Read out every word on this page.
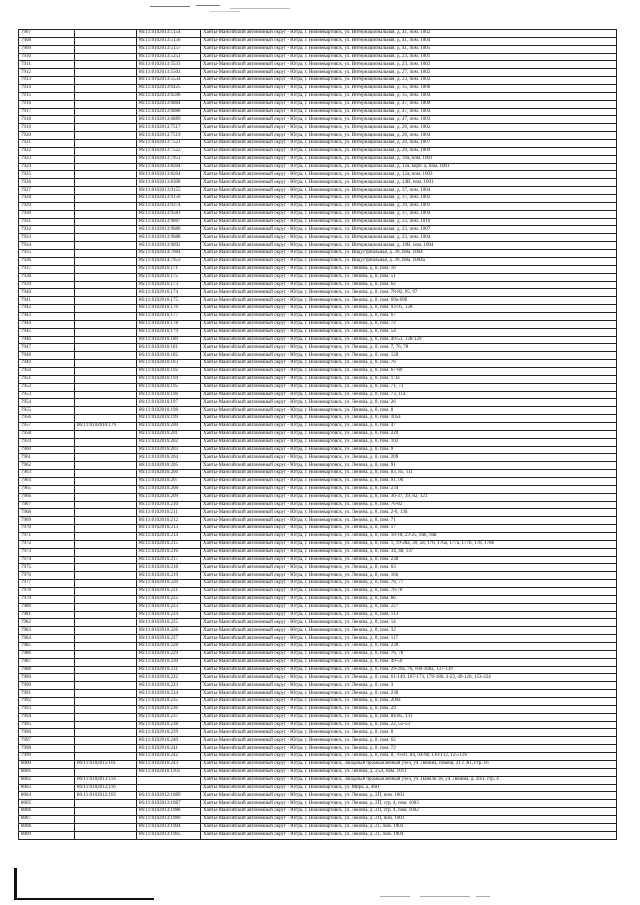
7907		86:11:0102013:5154	Ханты-Мансийский автономный округ - Югра, г. Нижневартовск, ул. Интернациональная, д. 41, пом. 1002
7908		86:11:0102013:5156	Ханты-Мансийский автономный округ - Югра, г. Нижневартовск, ул. Интернациональная, д. 41, пом. 1004
7909		86:11:0102013:5157	Ханты-Мансийский автономный округ - Югра, г. Нижневартовск, ул. Интернациональная, д. 41, пом. 1005
7910		86:11:0102013:5251	Ханты-Мансийский автономный округ - Югра, г. Нижневартовск, ул. Интернациональная, д. 23, пом. 1001
7911		86:11:0102013:5533	Ханты-Мансийский автономный округ - Югра, г. Нижневартовск, ул. Интернациональная, д. 23, пом. 1002
7912		86:11:0102013:5503	Ханты-Мансийский автономный округ - Югра, г. Нижневартовск, ул. Интернациональная, д. 27, пом. 1002
7913		86:11:0102013:5534	Ханты-Мансийский автономный округ - Югра, г. Нижневартовск, ул. Интернациональная, д. 23, пом. 1003
7914		86:11:0102013:6425	Ханты-Мансийский автономный округ - Югра, г. Нижневартовск, ул. Интернациональная, д. 35, пом. 1006
7915		86:11:0102013:6596	Ханты-Мансийский автономный округ - Югра, г. Нижневартовск, ул. Интернациональная, д. 35, пом. 1004
7916		86:11:0102013:6884	Ханты-Мансийский автономный округ - Югра, г. Нижневартовск, ул. Интернациональная, д. 47, пом. 1009
7917		86:11:0102013:6888	Ханты-Мансийский автономный округ - Югра, г. Нижневартовск, ул. Интернациональная, д. 47, пом. 1004
7918		86:11:0102013:6889	Ханты-Мансийский автономный округ - Югра, г. Нижневартовск, ул. Интернациональная, д. 47, пом. 1003
7919		86:11:0102013:7517	Ханты-Мансийский автономный округ - Югра, г. Нижневартовск, ул. Интернациональная, д. 20, пом. 1002
7920		86:11:0102013:7519	Ханты-Мансийский автономный округ - Югра, г. Нижневартовск, ул. Интернациональная, д. 20, пом. 1004
7921		86:11:0102013:7521	Ханты-Мансийский автономный округ - Югра, г. Нижневартовск, ул. Интернациональная, д. 20, пом. 1007
7922		86:11:0102013:7522	Ханты-Мансийский автономный округ - Югра, г. Нижневартовск, ул. Интернациональная, д. 20, пом. 1009
7923		86:11:0102013:7951	Ханты-Мансийский автономный округ - Югра, г. Нижневартовск, ул. Интернациональная, д. 39а, пом. 1001
7924		86:11:0102013:8264	Ханты-Мансийский автономный округ - Югра, г. Нижневартовск, ул. Интернациональная, д. 12а, корп. а, пом. 1001
7925		86:11:0102013:8264	Ханты-Мансийский автономный округ - Югра, г. Нижневартовск, ул. Интернациональная, д. 12а, пом. 1003
7926		86:11:0102013:8308	Ханты-Мансийский автономный округ - Югра, г. Нижневартовск, ул. Интернациональная, д. 14В, пом. 1001
7927		86:11:0102013:9155	Ханты-Мансийский автономный округ - Югра, г. Нижневартовск, ул. Интернациональная, д. 37, пом. 1004
7928		86:11:0102013:9156	Ханты-Мансийский автономный округ - Югра, г. Нижневартовск, ул. Интернациональная, д. 37, пом. 1002
7929		86:11:0102013:9374	Ханты-Мансийский автономный округ - Югра, г. Нижневартовск, ул. Интернациональная, д. 39, пом. 1001
7930		86:11:0102013:9583	Ханты-Мансийский автономный округ - Югра, г. Нижневартовск, ул. Интернациональная, д. 37, пом. 1004
7931		86:11:0102013:9667	Ханты-Мансийский автономный округ - Югра, г. Нижневартовск, ул. Интернациональная, д. 23, пом. 1010
7932		86:11:0102013:9680	Ханты-Мансийский автономный округ - Югра, г. Нижневартовск, ул. Интернациональная, д. 23, пом. 1007
7933		86:11:0102013:9688	Ханты-Мансийский автономный округ - Югра, г. Нижневартовск, ул. Интернациональная, д. 23, пом. 1004
7934		86:11:0102013:9692	Ханты-Мансийский автономный округ - Югра, г. Нижневартовск, ул. Интернациональная, д. 19В, пом. 1004
7935		86:11:0102014:7084	Ханты-Мансийский автономный округ - Югра, г. Нижневартовск, ул. Индустриальная, д. 39, пом. 1004
7936		86:11:0102014:7953	Ханты-Мансийский автономный округ - Югра, г. Нижневартовск, ул. Индустриальная, д. 39, пом. 1004а
7937		86:11:0102016:171	Ханты-Мансийский автономный округ - Югра, г. Нижневартовск, ул. Ленина, д. 8, пом. 16
7938		86:11:0102016:175	Ханты-Мансийский автономный округ - Югра, г. Нижневартовск, ул. Ленина, д. 8, пом. 51
7939		86:11:0102016:173	Ханты-Мансийский автономный округ - Югра, г. Нижневартовск, ул. Ленина, д. 8, пом. 62
7940		86:11:0102016:174	Ханты-Мансийский автономный округ - Югра, г. Нижневартовск, ул. Ленина, д. 8, пом. 78-82, 95, 97
7941		86:11:0102016:175	Ханты-Мансийский автономный округ - Югра, г. Нижневартовск, ул. Ленина, д. 8, пом. 69а-69б
7942		86:11:0102016:176	Ханты-Мансийский автономный округ - Югра, г. Нижневартовск, ул. Ленина, д. 8, пом. 93-95, 128
7943		86:11:0102016:177	Ханты-Мансийский автономный округ - Югра, г. Нижневартовск, ул. Ленина, д. 8, пом. 67
7944		86:11:0102016:178	Ханты-Мансийский автономный округ - Югра, г. Нижневартовск, ул. Ленина, д. 8, пом. 72
7945		86:11:0102016:179	Ханты-Мансийский автономный округ - Югра, г. Нижневартовск, ул. Ленина, д. 8, пом. 54
7946		86:11:0102016:180	Ханты-Мансийский автономный округ - Югра, г. Нижневартовск, ул. Ленина, д. 8, пом. 49-53, 128-129
7947		86:11:0102016:181	Ханты-Мансийский автономный округ - Югра, г. Нижневартовск, ул. Ленина, д. 8, пом. 7, 76, 78
7948		86:11:0102016:182	Ханты-Мансийский автономный округ - Югра, г. Нижневартовск, ул. Ленина, д. 8, пом. 128
7949		86:11:0102016:183	Ханты-Мансийский автономный округ - Югра, г. Нижневартовск, ул. Ленина, д. 8, пом. 76
7950		86:11:0102016:192	Ханты-Мансийский автономный округ - Югра, г. Нижневартовск, ул. Ленина, д. 8, пом. 67-69
7951		86:11:0102016:194	Ханты-Мансийский автономный округ - Югра, г. Нижневартовск, ул. Ленина, д. 8, пом. 1-1а
7952		86:11:0102016:195	Ханты-Мансийский автономный округ - Югра, г. Нижневартовск, ул. Ленина, д. 8, пом. 71, 73
7953		86:11:0102016:196	Ханты-Мансийский автономный округ - Югра, г. Нижневартовск, ул. Ленина, д. 8, пом. 73, 114
7954		86:11:0102016:197	Ханты-Мансийский автономный округ - Югра, г. Нижневартовск, ул. Ленина, д. 8, пом. 26
7955		86:11:0102016:198	Ханты-Мансийский автономный округ - Югра, г. Нижневартовск, ул. Ленина, д. 8, пом. 8
7956		86:11:0102016:199	Ханты-Мансийский автономный округ - Югра, г. Нижневартовск, ул. Ленина, д. 8, пом. 105а
7957	86:11:0102016:179	86:11:0102016:200	Ханты-Мансийский автономный округ - Югра, г. Нижневартовск, ул. Ленина, д. 8, пом. 47
7958		86:11:0102016:201	Ханты-Мансийский автономный округ - Югра, г. Нижневартовск, ул. Ленина, д. 8, пом. 220
7959		86:11:0102016:202	Ханты-Мансийский автономный округ - Югра, г. Нижневартовск, ул. Ленина, д. 8, пом. 102
7960		86:11:0102016:203	Ханты-Мансийский автономный округ - Югра, г. Нижневартовск, ул. Ленина, д. 8, пом. 9
7961		86:11:0102016:204	Ханты-Мансийский автономный округ - Югра, г. Нижневартовск, ул. Ленина, д. 8, пом. 209
7962		86:11:0102016:205	Ханты-Мансийский автономный округ - Югра, г. Нижневартовск, ул. Ленина, д. 8, пом. 91
7963		86:11:0102016:206	Ханты-Мансийский автономный округ - Югра, г. Нижневартовск, ул. Ленина, д. 8, пом. 83, 85, 111
7964		86:11:0102016:207	Ханты-Мансийский автономный округ - Югра, г. Нижневартовск, ул. Ленина, д. 8, пом. 91, 96
7965		86:11:0102016:208	Ханты-Мансийский автономный округ - Югра, г. Нижневартовск, ул. Ленина, д. 8, пом. 234
7966		86:11:0102016:209	Ханты-Мансийский автономный округ - Югра, г. Нижневартовск, ул. Ленина, д. 8, пом. 36-37, 39, 82, 121
7967		86:11:0102016:210	Ханты-Мансийский автономный округ - Югра, г. Нижневартовск, ул. Ленина, д. 8, пом. 76-82
7968		86:11:0102016:211	Ханты-Мансийский автономный округ - Югра, г. Нижневартовск, ул. Ленина, д. 8, пом. 2-6, 130
7969		86:11:0102016:212	Ханты-Мансийский автономный округ - Югра, г. Нижневартовск, ул. Ленина, д. 8, пом. 71
7970		86:11:0102016:213	Ханты-Мансийский автономный округ - Югра, г. Нижневартовск, ул. Ленина, д. 8, пом. 17
7971		86:11:0102016:214	Ханты-Мансийский автономный округ - Югра, г. Нижневартовск, ул. Ленина, д. 8, пом. 10-18, 23-25, 94б, 94в
7972		86:11:0102016:215	Ханты-Мансийский автономный округ - Югра, г. Нижневартовск, ул. Ленина, д. 8, пом. 1, 19-28а, 30, 58, 176, 176а, 177а, 177б, 178, 178б
7973		86:11:0102016:216	Ханты-Мансийский автономный округ - Югра, г. Нижневартовск, ул. Ленина, д. 8, пом. 34, 48, 137
7974		86:11:0102016:217	Ханты-Мансийский автономный округ - Югра, г. Нижневартовск, ул. Ленина, д. 8, пом. 238
7975		86:11:0102016:218	Ханты-Мансийский автономный округ - Югра, г. Нижневартовск, ул. Ленина, д. 8, пом. 63
7976		86:11:0102016:219	Ханты-Мансийский автономный округ - Югра, г. Нижневартовск, ул. Ленина, д. 8, пом. 166
7977		86:11:0102016:220	Ханты-Мансийский автономный округ - Югра, г. Нижневартовск, ул. Ленина, д. 8, пом. 76, 77
7978		86:11:0102016:221	Ханты-Мансийский автономный округ - Югра, г. Нижневартовск, ул. Ленина, д. 8, пом. 76-78
7979		86:11:0102016:222	Ханты-Мансийский автономный округ - Югра, г. Нижневартовск, ул. Ленина, д. 8, пом. 66
7980		86:11:0102016:223	Ханты-Мансийский автономный округ - Югра, г. Нижневартовск, ул. Ленина, д. 8, пом. 227
7981		86:11:0102016:224	Ханты-Мансийский автономный округ - Югра, г. Нижневартовск, ул. Ленина, д. 8, пом. 113
7982		86:11:0102016:225	Ханты-Мансийский автономный округ - Югра, г. Нижневартовск, ул. Ленина, д. 8, пом. 14
7983		86:11:0102016:226	Ханты-Мансийский автономный округ - Югра, г. Нижневартовск, ул. Ленина, д. 8, пом. 32
7984		86:11:0102016:227	Ханты-Мансийский автономный округ - Югра, г. Нижневартовск, ул. Ленина, д. 8, пом. 117
7985		86:11:0102016:228	Ханты-Мансийский автономный округ - Югра, г. Нижневартовск, ул. Ленина, д. 8, пом. 228
7986		86:11:0102016:229	Ханты-Мансийский автономный округ - Югра, г. Нижневартовск, ул. Ленина, д. 8, пом. 76, 78
7987		86:11:0102016:230	Ханты-Мансийский автономный округ - Югра, г. Нижневартовск, ул. Ленина, д. 8, пом. 49-50
7988		86:11:0102016:231	Ханты-Мансийский автономный округ - Югра, г. Нижневартовск, ул. Ленина, д. 8, пом. 29-29а, 76, 160-160а, 137-139
7989		86:11:0102016:232	Ханты-Мансийский автономный округ - Югра, г. Нижневартовск, ул. Ленина, д. 8, пом. 61-149, 167-173, 179-180, 3-23, 49-120, 153-224
7990		86:11:0102016:233	Ханты-Мансийский автономный округ - Югра, г. Нижневартовск, ул. Ленина, д. 8, пом. 3
7991		86:11:0102016:234	Ханты-Мансийский автономный округ - Югра, г. Нижневартовск, ул. Ленина, д. 8, пом. 236
7992		86:11:0102016:235	Ханты-Мансийский автономный округ - Югра, г. Нижневартовск, ул. Ленина, д. 8, пом. 209а
7993		86:11:0102016:236	Ханты-Мансийский автономный округ - Югра, г. Нижневартовск, ул. Ленина, д. 8, пом. 29
7994		86:11:0102016:237	Ханты-Мансийский автономный округ - Югра, г. Нижневартовск, ул. Ленина, д. 8, пом. 84-85, 131
7995		86:11:0102016:238	Ханты-Мансийский автономный округ - Югра, г. Нижневартовск, ул. Ленина, д. 8, пом. 22, 52-53
7996		86:11:0102016:239	Ханты-Мансийский автономный округ - Югра, г. Нижневартовск, ул. Ленина, д. 8, пом. 8
7997		86:11:0102016:240	Ханты-Мансийский автономный округ - Югра, г. Нижневартовск, ул. Ленина, д. 8, пом. 62
7998		86:11:0102016:241	Ханты-Мансийский автономный округ - Югра, г. Нижневартовск, ул. Ленина, д. 8, пом. 72
7999		86:11:0102016:242	Ханты-Мансийский автономный округ - Югра, г. Нижневартовск, ул. Ленина, д. 8, пом. 8, 76-81, 84, 94-98, 110-112, 125-126
8000	86:11:0102015:101	86:11:0102016:243	Ханты-Мансийский автономный округ - Югра, г. Нижневартовск, Западный промышленный узел, ул. Ленина, помещ. 21 с ЗП, стр. 16
8001		86:11:0102016:1101	Ханты-Мансийский автономный округ - Югра, г. Нижневартовск, ул. Ленина, д. 25Л, пом. 1011
8002	86:11:0102013:114		Ханты-Мансийский автономный округ - Югра, г. Нижневартовск, Западный промышленный узел, ул. Панели 18, ул. Ленина, д. 20Л, стр. 4
8003	86:11:0102012:116		Ханты-Мансийский автономный округ - Югра, г. Нижневартовск, ул. Мира, д. 46П
8004	86:11:0102012:105	86:11:0102012:1089	Ханты-Мансийский автономный округ - Югра, г. Нижневартовск, ул. Ленина, д. 2П, пом. 1001
8005		86:11:0102013:1087	Ханты-Мансийский автономный округ - Югра, г. Нижневартовск, ул. Ленина, д. 2П, стр. 4, пом. 1003
8006		86:11:0102013:1088	Ханты-Мансийский автономный округ - Югра, г. Нижневартовск, ул. Ленина, д. 2П, стр. 4, пом. 1002
8007		86:11:0102013:1089	Ханты-Мансийский автономный округ - Югра, г. Нижневартовск, ул. Ленина, д. 2П, пом. 1001
8008		86:11:0102013:1904	Ханты-Мансийский автономный округ - Югра, г. Нижневартовск, ул. Ленина, д. 21, пом. 1002
8009		86:11:0102013:1905	Ханты-Мансийский автономный округ - Югра, г. Нижневартовск, ул. Ленина, д. 21, пом. 1004
